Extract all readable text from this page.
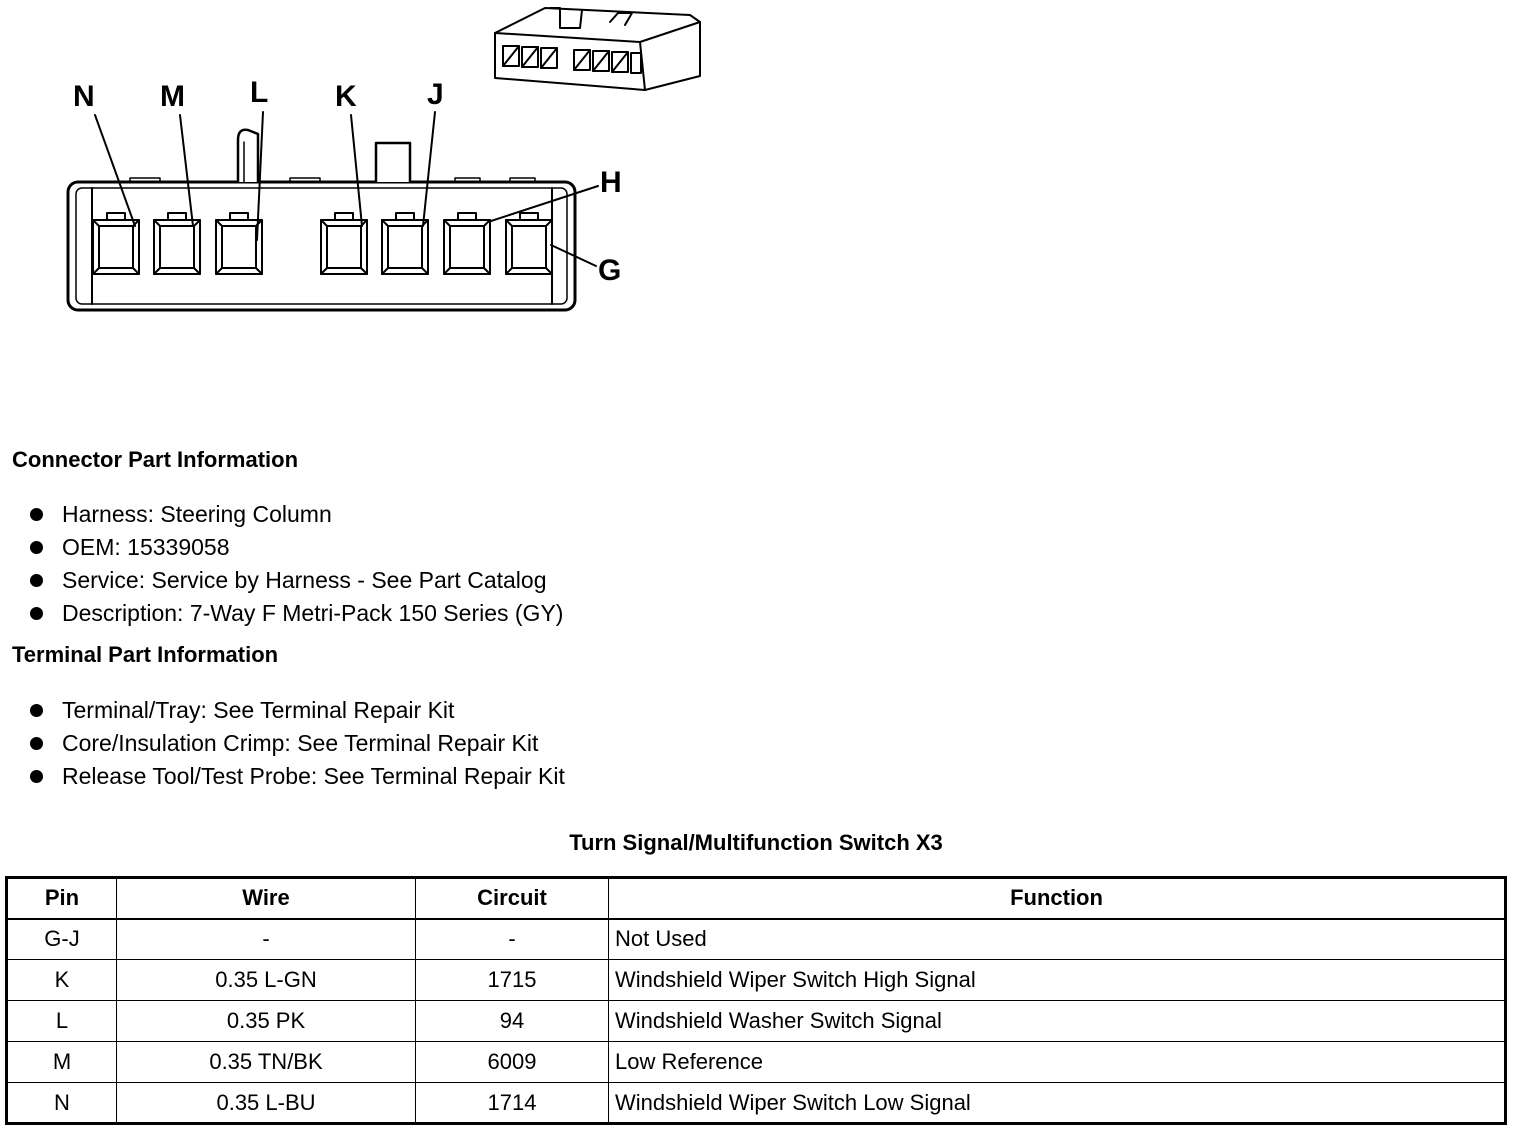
N M L K J
H
G
Connector Part Information
Harness: Steering Column
OEM: 15339058
Service: Service by Harness - See Part Catalog
Description: 7-Way F Metri-Pack 150 Series (GY)
Terminal Part Information
Terminal/Tray: See Terminal Repair Kit
Core/Insulation Crimp: See Terminal Repair Kit
Release Tool/Test Probe: See Terminal Repair Kit
Turn Signal/Multifunction Switch X3
Pin	Wire	Circuit	Function
G-J	-	-	Not Used
K	0.35 L-GN	1715	Windshield Wiper Switch High Signal
L	0.35 PK	94	Windshield Washer Switch Signal
M	0.35 TN/BK	6009	Low Reference
N	0.35 L-BU	1714	Windshield Wiper Switch Low Signal
